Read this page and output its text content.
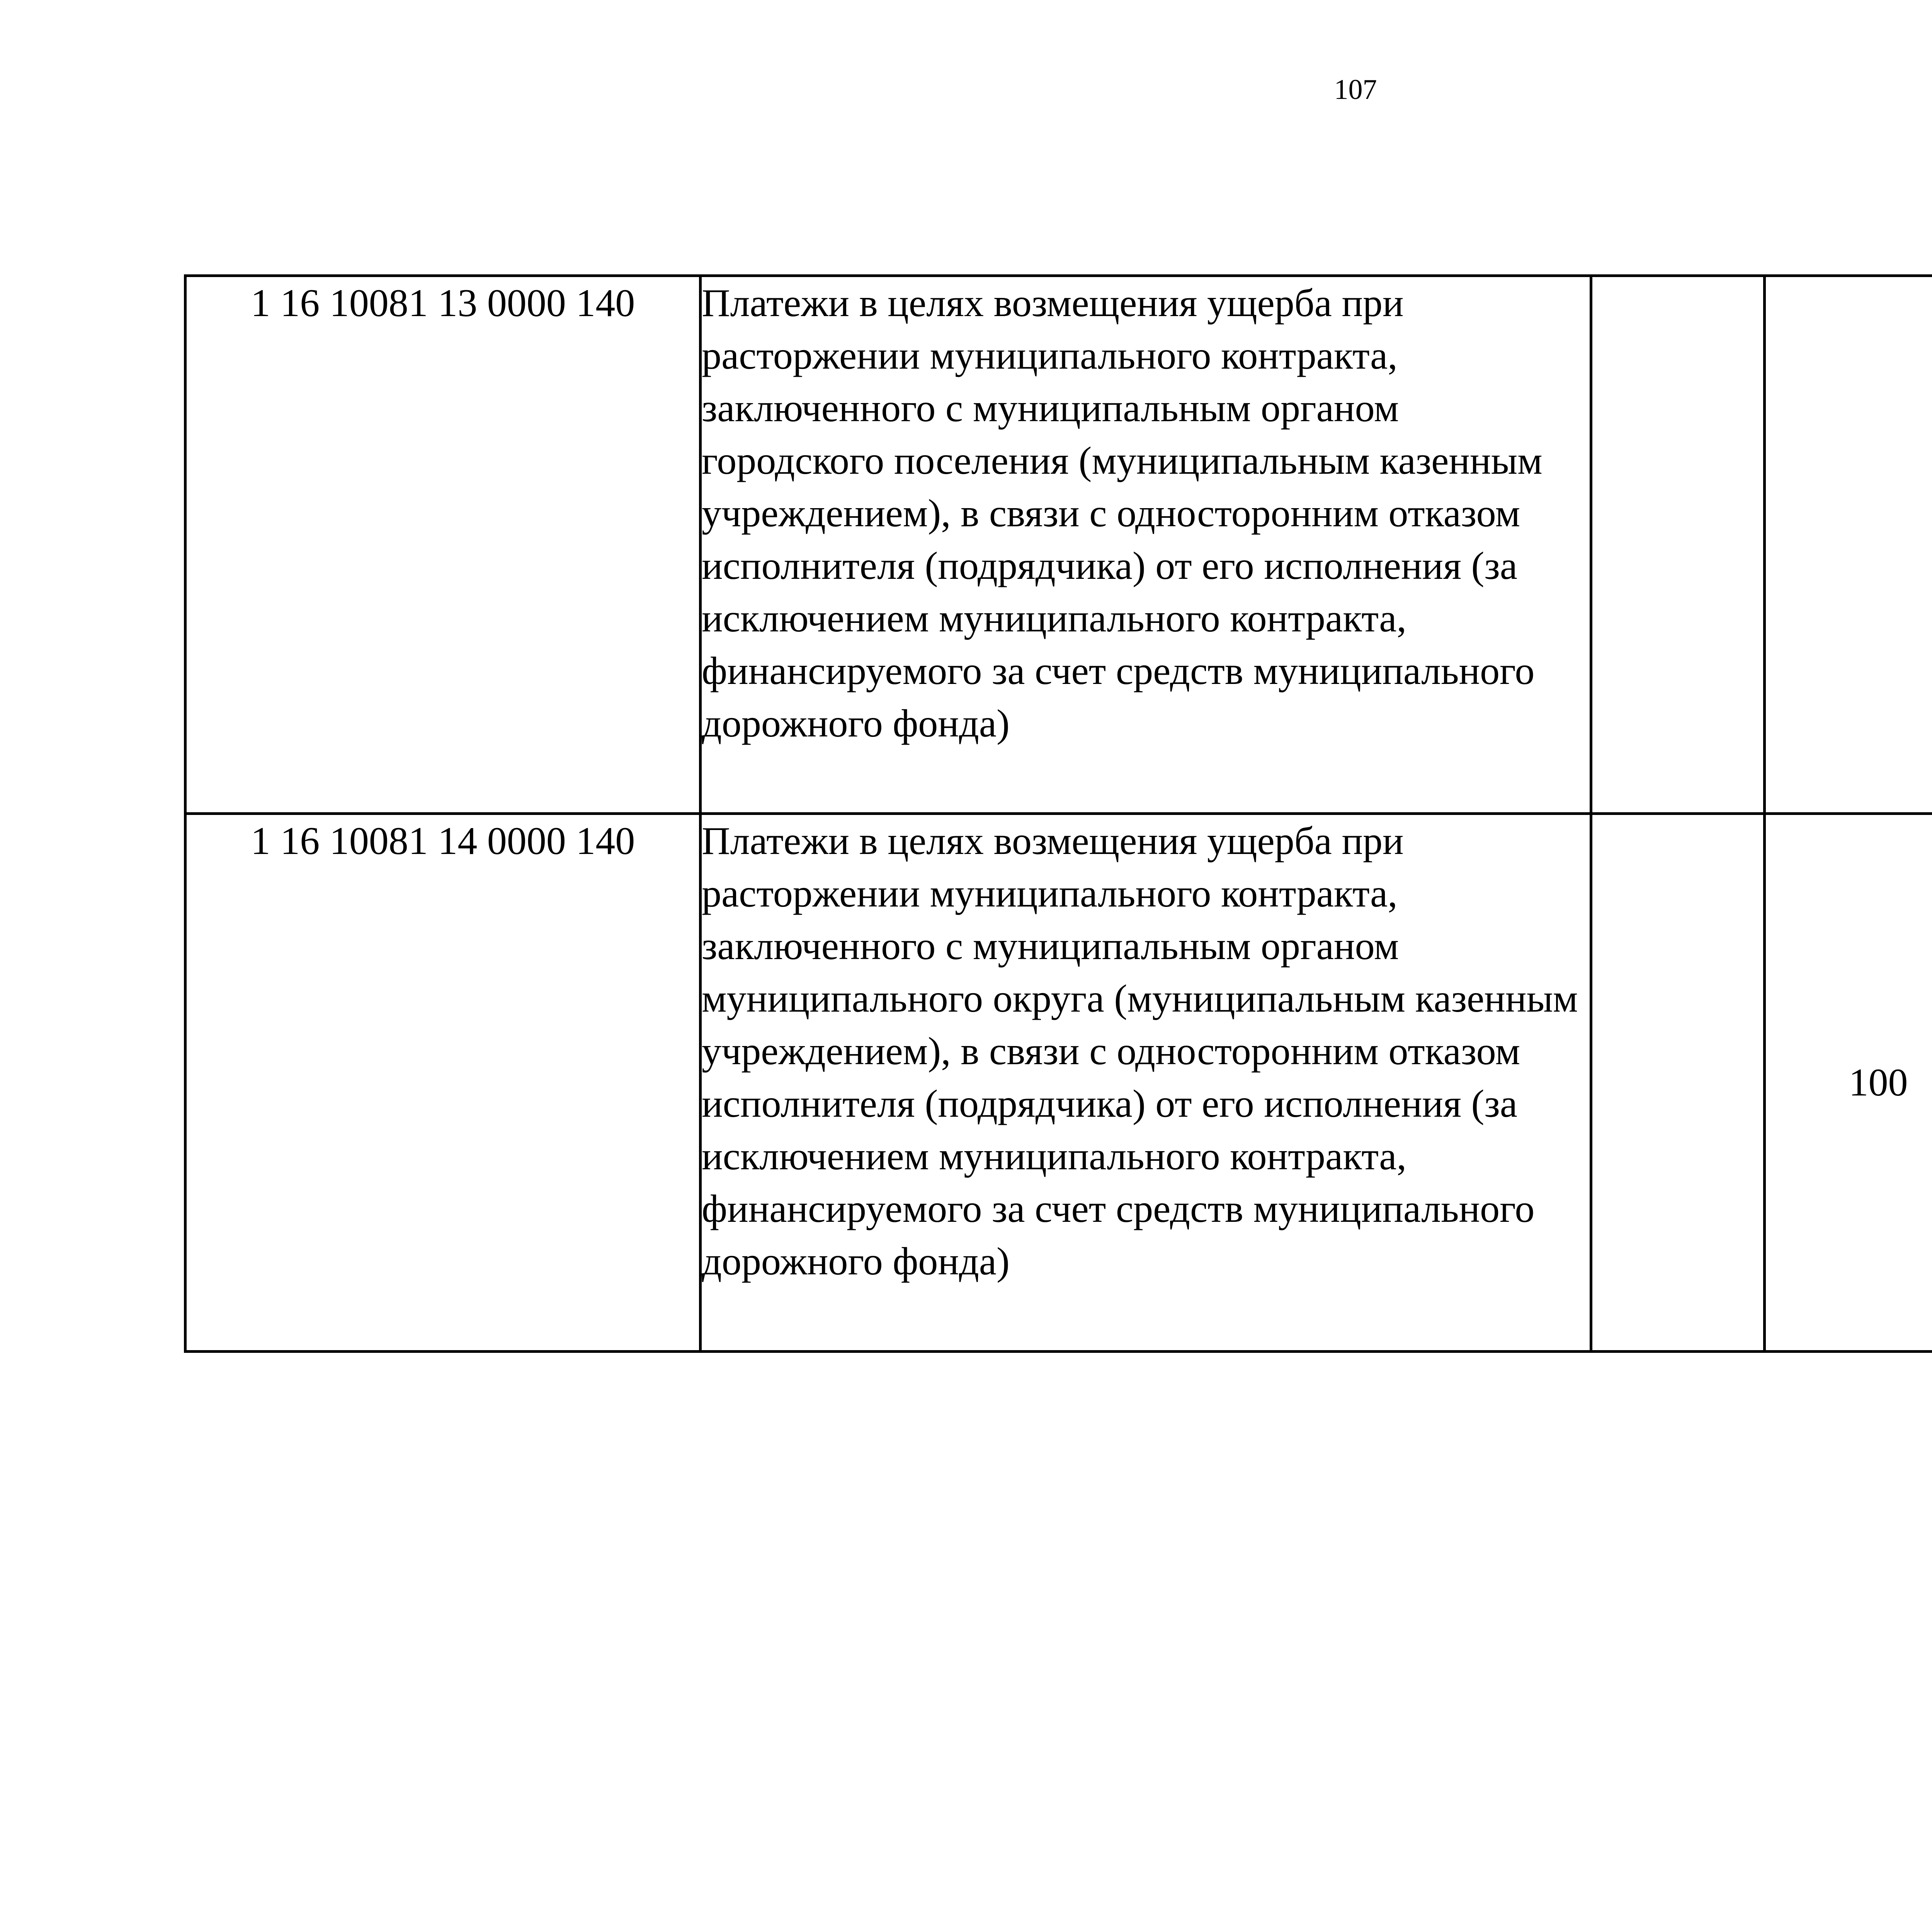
107
1 16 10081 13 0000 140	Платежи в целях возмещения ущерба при расторжении муниципального контракта, заключенного с муниципальным органом городского поселения (муниципальным казенным учреждением), в связи с односторонним отказом исполнителя (подрядчика) от его исполнения (за исключением муниципального контракта, финансируемого за счет средств муниципального дорожного фонда)					
1 16 10081 14 0000 140	Платежи в целях возмещения ущерба при расторжении муниципального контракта, заключенного с муниципальным органом муниципального округа (муниципальным казенным учреждением), в связи с односторонним отказом исполнителя (подрядчика) от его исполнения (за исключением муниципального контракта, финансируемого за счет средств муниципального дорожного фонда)		100			
